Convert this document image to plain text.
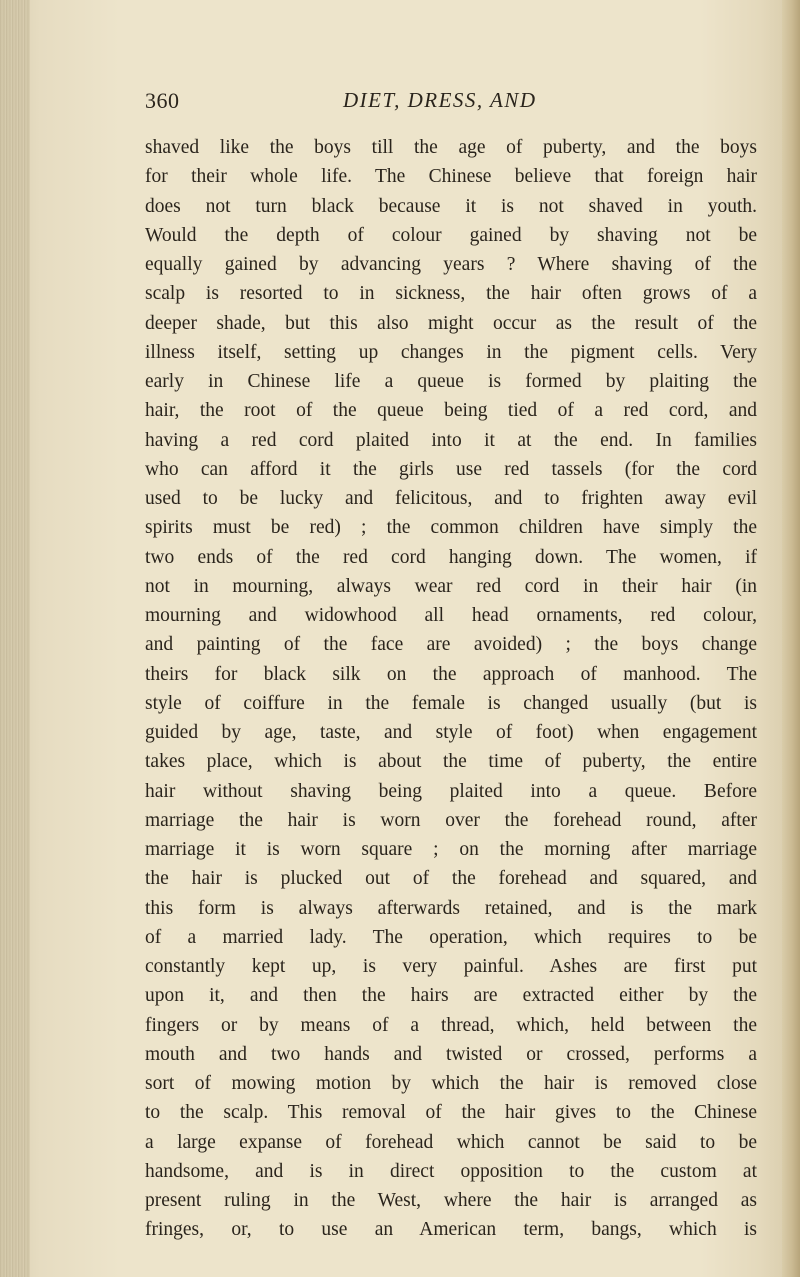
360	DIET, DRESS, AND
shaved like the boys till the age of puberty, and the boys
for their whole life. The Chinese believe that foreign hair
does not turn black because it is not shaved in youth.
Would the depth of colour gained by shaving not be
equally gained by advancing years ? Where shaving of the
scalp is resorted to in sickness, the hair often grows of a
deeper shade, but this also might occur as the result of the
illness itself, setting up changes in the pigment cells. Very
early in Chinese life a queue is formed by plaiting the
hair, the root of the queue being tied of a red cord, and
having a red cord plaited into it at the end. In families
who can afford it the girls use red tassels (for the cord
used to be lucky and felicitous, and to frighten away evil
spirits must be red) ; the common children have simply the
two ends of the red cord hanging down. The women, if
not in mourning, always wear red cord in their hair (in
mourning and widowhood all head ornaments, red colour,
and painting of the face are avoided) ; the boys change
theirs for black silk on the approach of manhood. The
style of coiffure in the female is changed usually (but is
guided by age, taste, and style of foot) when engagement
takes place, which is about the time of puberty, the entire
hair without shaving being plaited into a queue. Before
marriage the hair is worn over the forehead round, after
marriage it is worn square ; on the morning after marriage
the hair is plucked out of the forehead and squared, and
this form is always afterwards retained, and is the mark
of a married lady. The operation, which requires to be
constantly kept up, is very painful. Ashes are first put
upon it, and then the hairs are extracted either by the
fingers or by means of a thread, which, held between the
mouth and two hands and twisted or crossed, performs a
sort of mowing motion by which the hair is removed close
to the scalp. This removal of the hair gives to the Chinese
a large expanse of forehead which cannot be said to be
handsome, and is in direct opposition to the custom at
present ruling in the West, where the hair is arranged as
fringes, or, to use an American term, bangs, which is
